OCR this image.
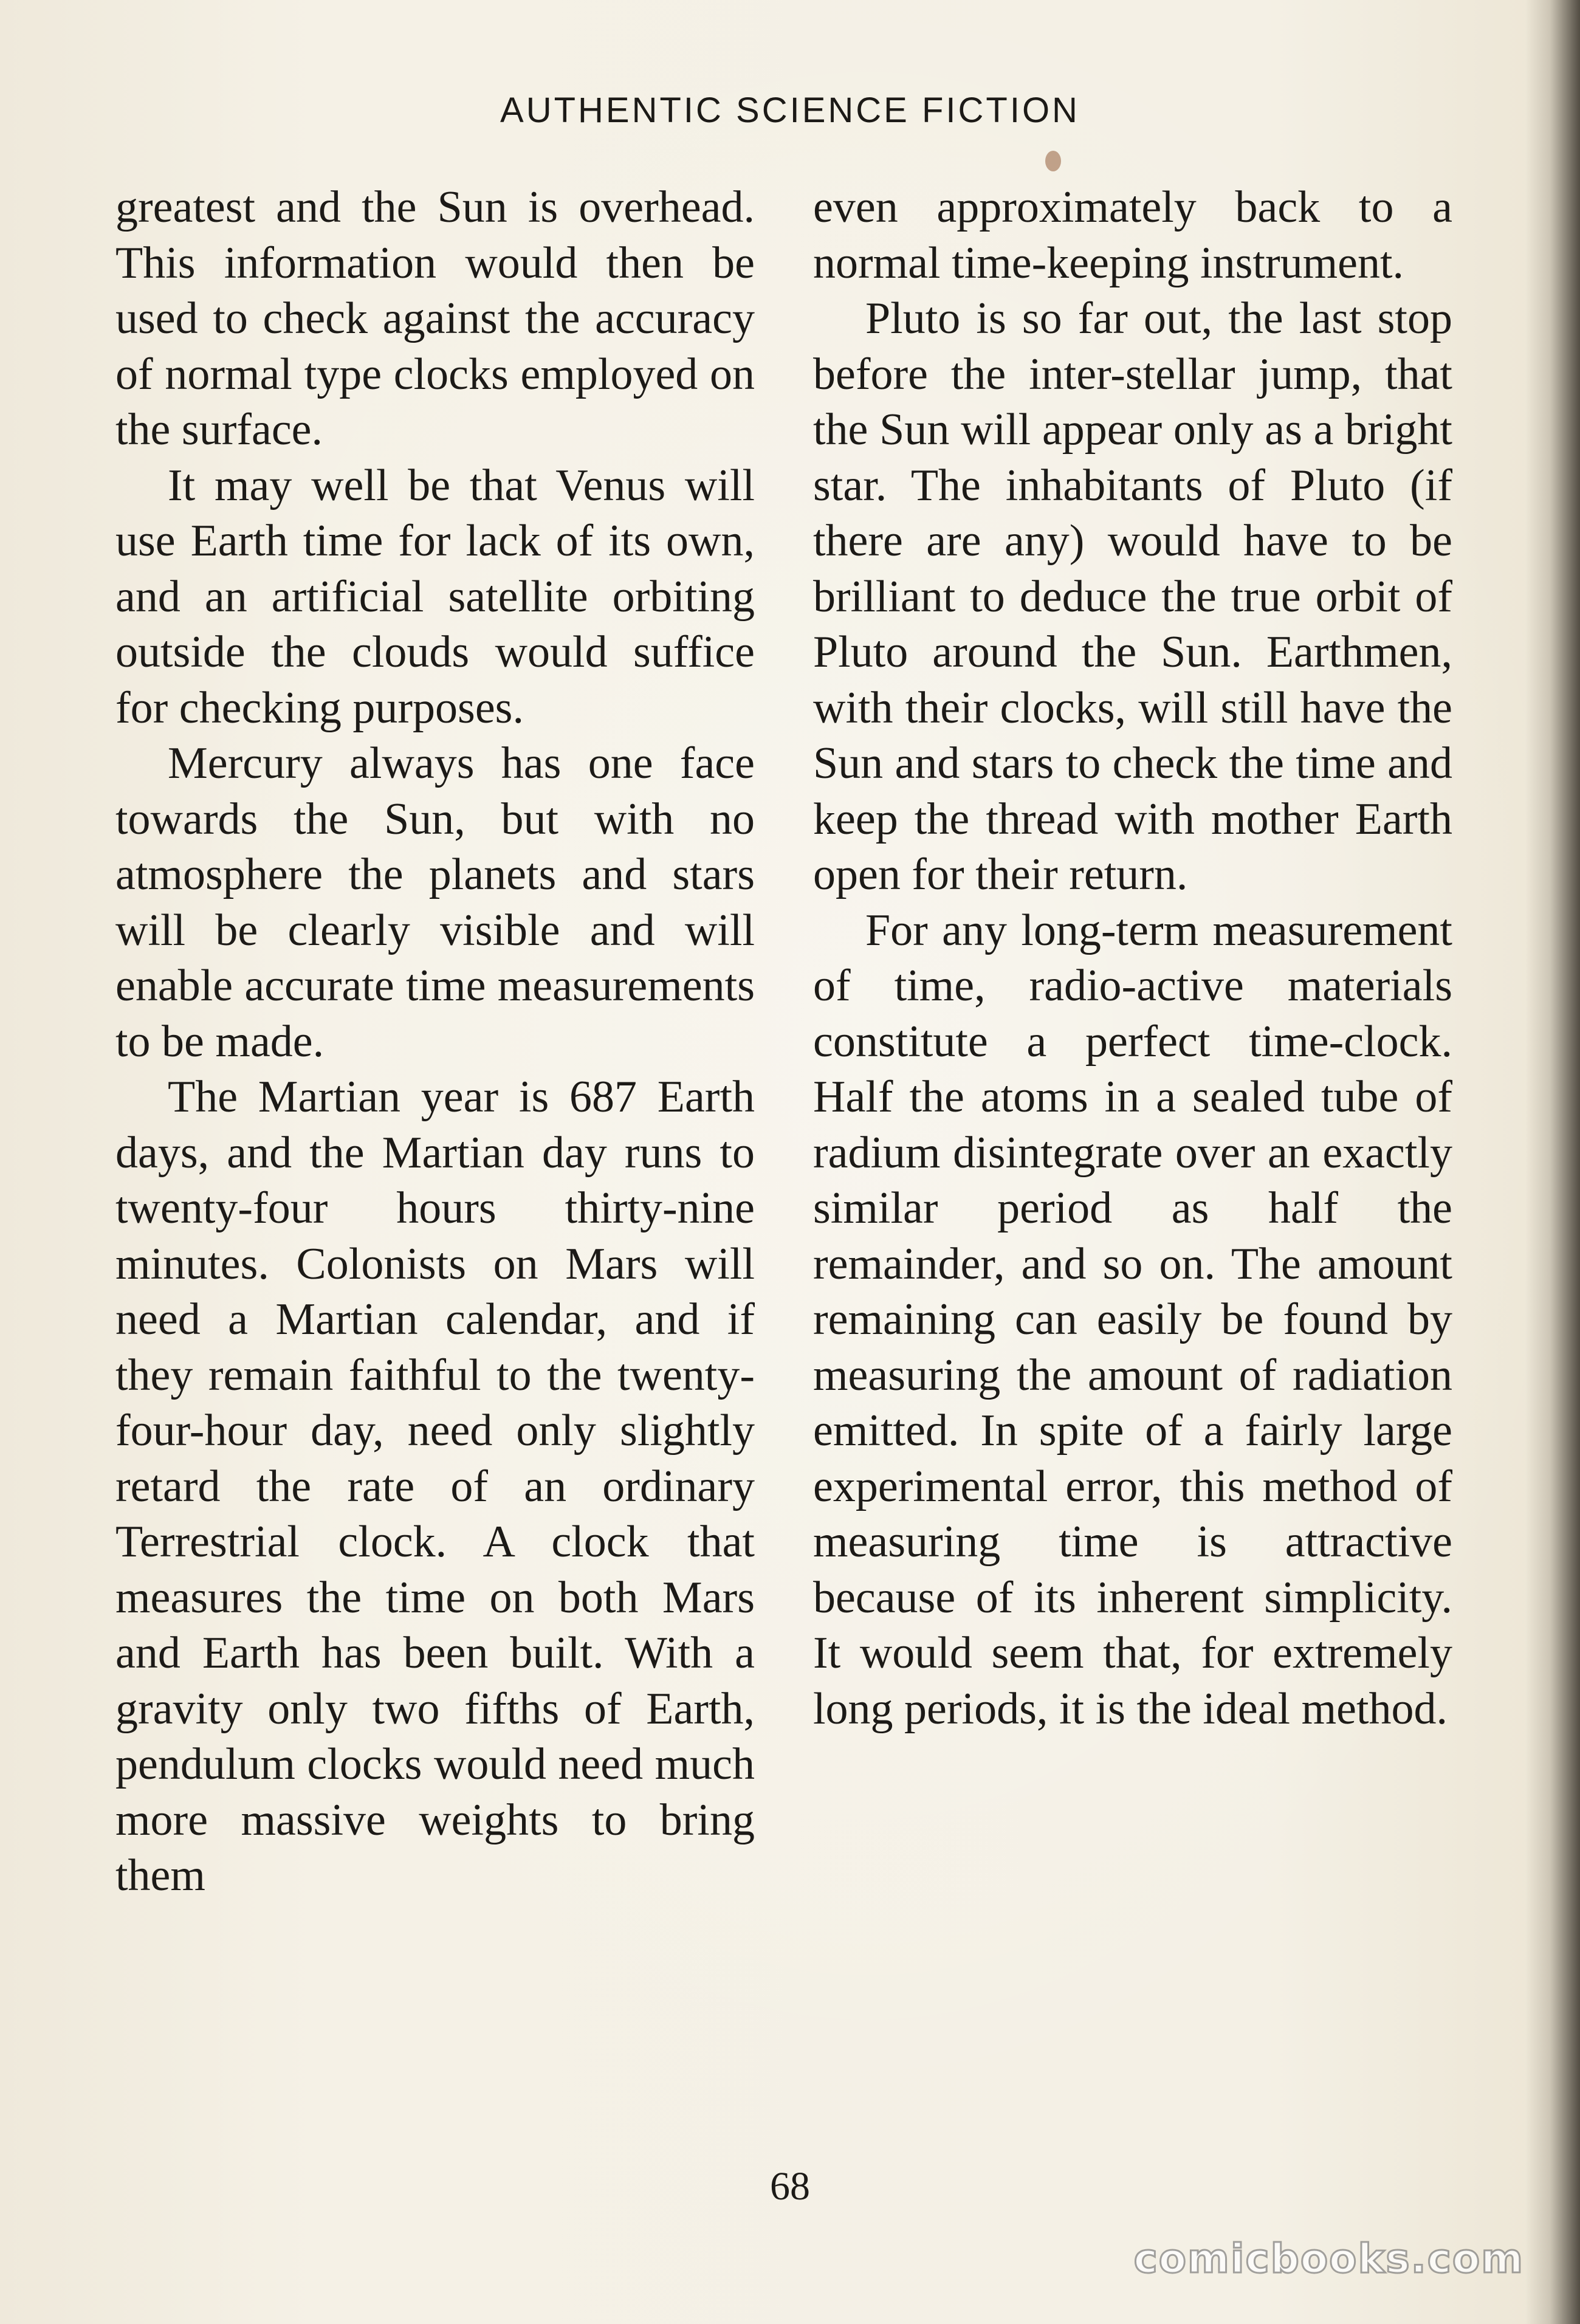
AUTHENTIC SCIENCE FICTION

greatest and the Sun is overhead. This information would then be used to check against the accuracy of normal type clocks employed on the surface.

It may well be that Venus will use Earth time for lack of its own, and an artificial satellite orbiting outside the clouds would suffice for checking purposes.

Mercury always has one face towards the Sun, but with no atmosphere the planets and stars will be clearly visible and will enable accurate time measurements to be made.

The Martian year is 687 Earth days, and the Martian day runs to twenty-four hours thirty-nine minutes. Colonists on Mars will need a Martian calendar, and if they remain faithful to the twenty-four-hour day, need only slightly retard the rate of an ordinary Terrestrial clock. A clock that measures the time on both Mars and Earth has been built. With a gravity only two fifths of Earth, pendulum clocks would need much more massive weights to bring them

even approximately back to a normal time-keeping instrument.

Pluto is so far out, the last stop before the inter-stellar jump, that the Sun will appear only as a bright star. The inhabitants of Pluto (if there are any) would have to be brilliant to deduce the true orbit of Pluto around the Sun. Earthmen, with their clocks, will still have the Sun and stars to check the time and keep the thread with mother Earth open for their return.

For any long-term measurement of time, radio-active materials constitute a perfect time-clock. Half the atoms in a sealed tube of radium disintegrate over an exactly similar period as half the remainder, and so on. The amount remaining can easily be found by measuring the amount of radiation emitted. In spite of a fairly large experimental error, this method of measuring time is attractive because of its inherent simplicity. It would seem that, for extremely long periods, it is the ideal method.

68
comicbooks.com
